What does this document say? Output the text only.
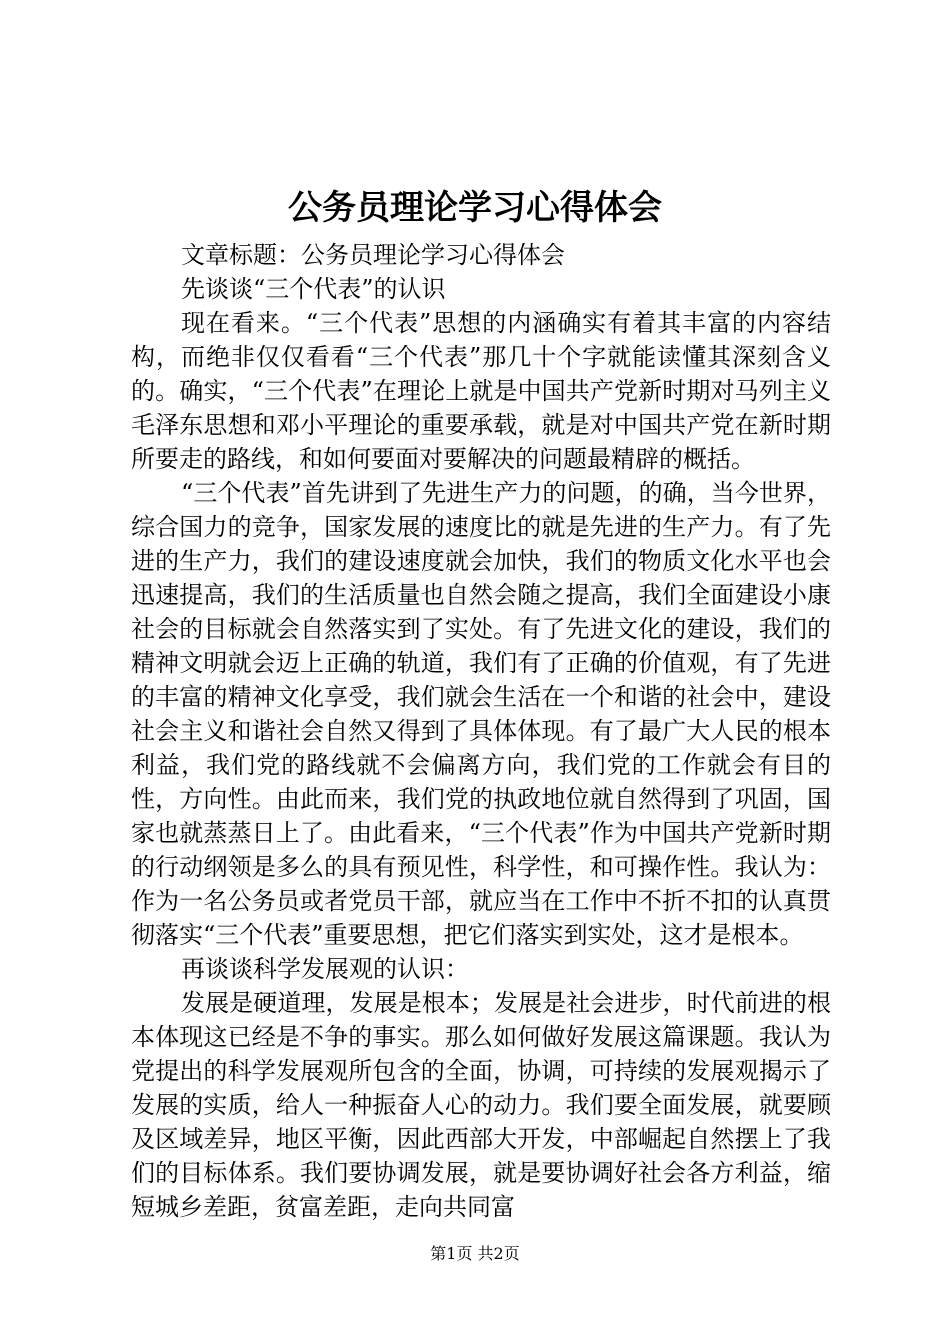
公务员理论学习心得体会

文章标题：公务员理论学习心得体会

先谈谈“三个代表”的认识

现在看来。“三个代表”思想的内涵确实有着其丰富的内容结构，而绝非仅仅看看“三个代表”那几十个字就能读懂其深刻含义的。确实，“三个代表”在理论上就是中国共产党新时期对马列主义毛泽东思想和邓小平理论的重要承载，就是对中国共产党在新时期所要走的路线，和如何要面对要解决的问题最精辟的概括。

“三个代表”首先讲到了先进生产力的问题，的确，当今世界，综合国力的竞争，国家发展的速度比的就是先进的生产力。有了先进的生产力，我们的建设速度就会加快，我们的物质文化水平也会迅速提高，我们的生活质量也自然会随之提高，我们全面建设小康社会的目标就会自然落实到了实处。有了先进文化的建设，我们的精神文明就会迈上正确的轨道，我们有了正确的价值观，有了先进的丰富的精神文化享受，我们就会生活在一个和谐的社会中，建设社会主义和谐社会自然又得到了具体体现。有了最广大人民的根本利益，我们党的路线就不会偏离方向，我们党的工作就会有目的性，方向性。由此而来，我们党的执政地位就自然得到了巩固，国家也就蒸蒸日上了。由此看来，“三个代表”作为中国共产党新时期的行动纲领是多么的具有预见性，科学性，和可操作性。我认为：作为一名公务员或者党员干部，就应当在工作中不折不扣的认真贯彻落实“三个代表”重要思想，把它们落实到实处，这才是根本。

再谈谈科学发展观的认识：

发展是硬道理，发展是根本；发展是社会进步，时代前进的根本体现这已经是不争的事实。那么如何做好发展这篇课题。我认为党提出的科学发展观所包含的全面，协调，可持续的发展观揭示了发展的实质，给人一种振奋人心的动力。我们要全面发展，就要顾及区域差异，地区平衡，因此西部大开发，中部崛起自然摆上了我们的目标体系。我们要协调发展，就是要协调好社会各方利益，缩短城乡差距，贫富差距，走向共同富

第1页 共2页
